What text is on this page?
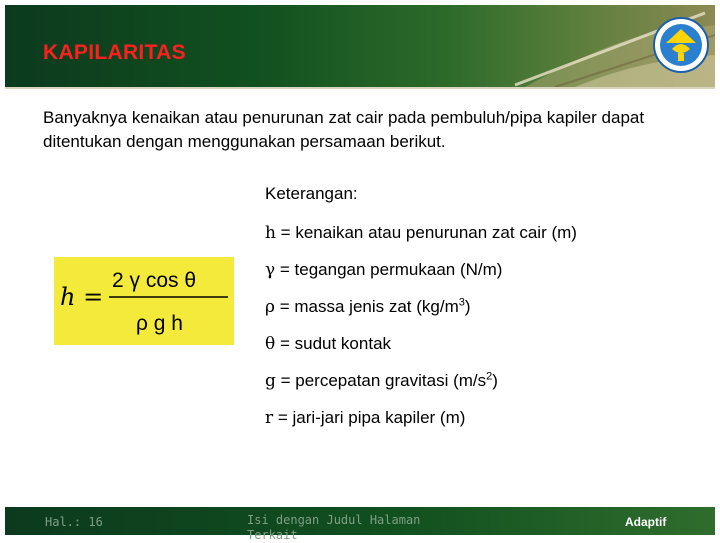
KAPILARITAS
Banyaknya kenaikan atau penurunan zat cair pada pembuluh/pipa kapiler dapat ditentukan dengan menggunakan persamaan berikut.
h =
2 γ cos θ
ρ g h
Keterangan:
h = kenaikan atau penurunan zat cair (m)
γ = tegangan permukaan (N/m)
ρ = massa jenis zat $(kg/m^3)$
θ = sudut kontak
g = percepatan gravitasi $(m/s^2)$
r = jari-jari pipa kapiler (m)
Hal.: 16	Isi dengan Judul Halaman Terkait
Adaptif
